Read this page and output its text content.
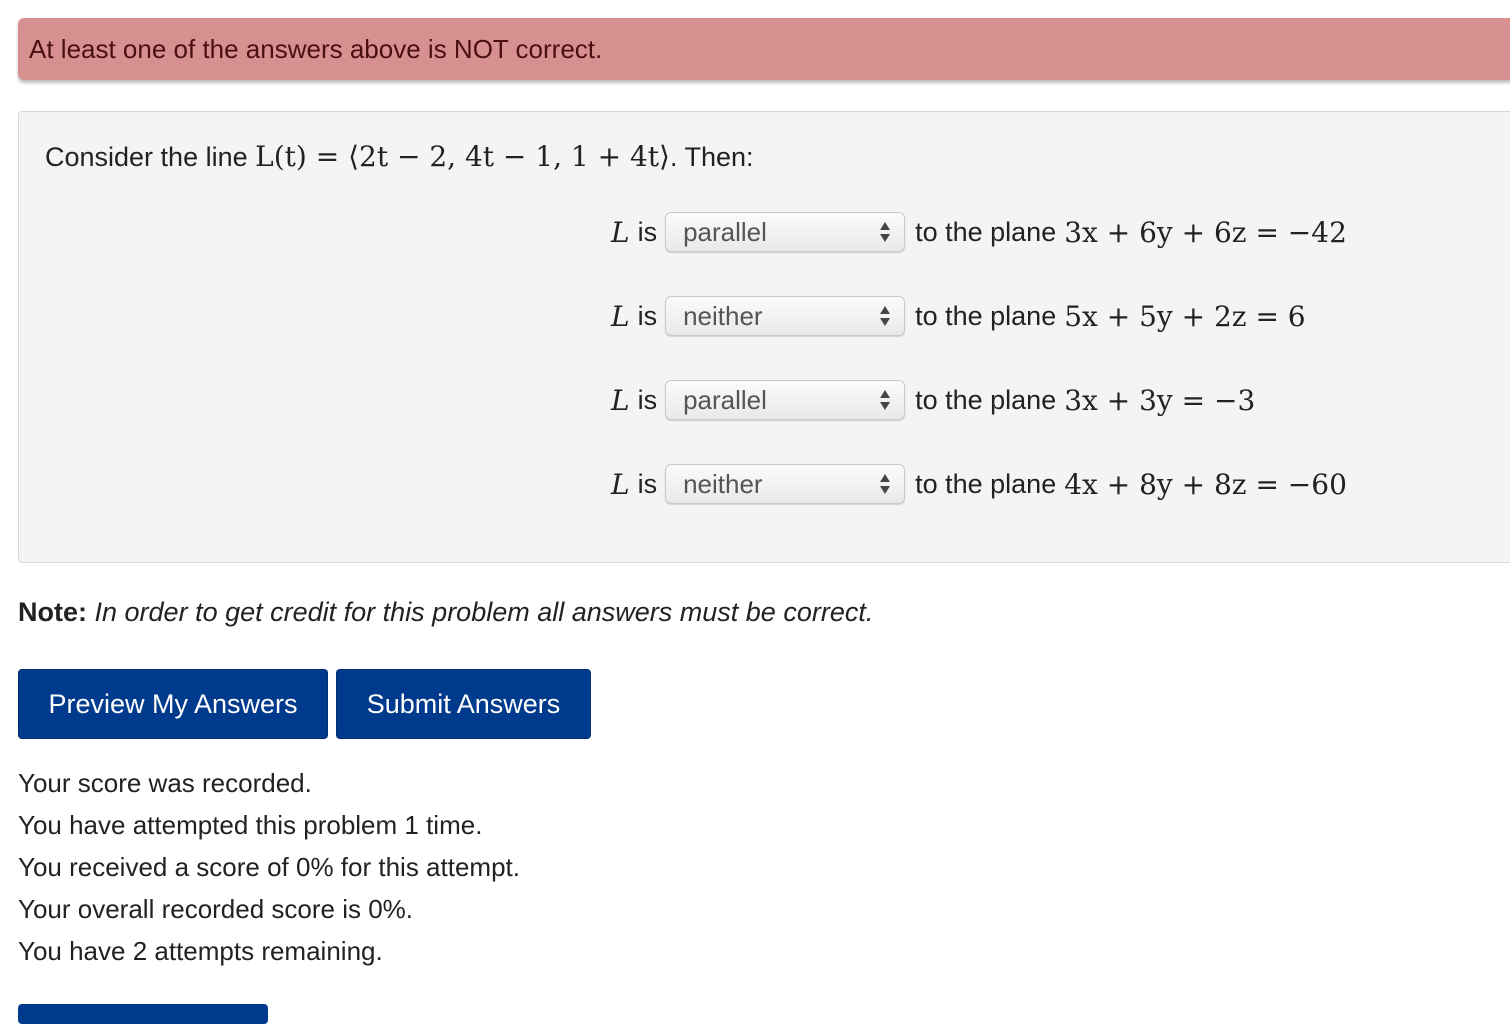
At least one of the answers above is NOT correct.
Consider the line L(t) = ⟨2t − 2, 4t − 1, 1 + 4t⟩. Then:
L is parallel	to the plane 3x + 6y + 6z = −42
L is neither	to the plane 5x + 5y + 2z = 6
L is parallel	to the plane 3x + 3y = −3
L is neither	to the plane 4x + 8y + 8z = −60
Note: In order to get credit for this problem all answers must be correct.
Preview My Answers	Submit Answers
Your score was recorded.
You have attempted this problem 1 time.
You received a score of 0% for this attempt.
Your overall recorded score is 0%.
You have 2 attempts remaining.
